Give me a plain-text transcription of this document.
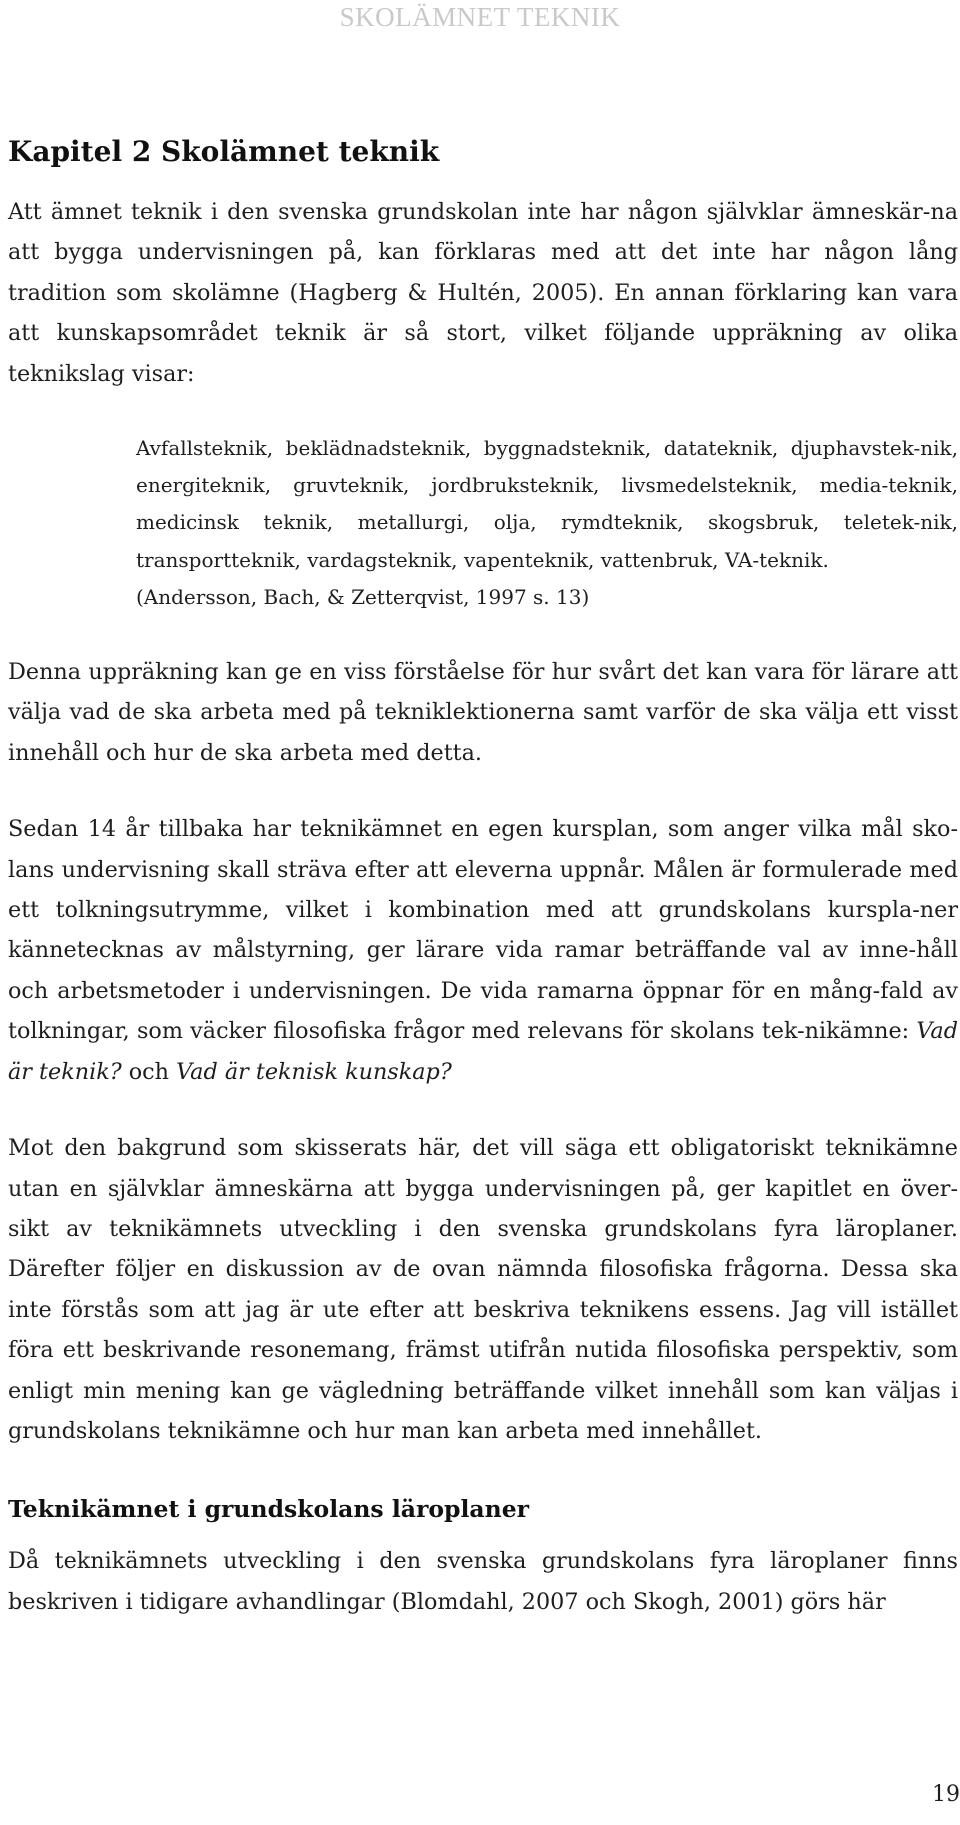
SKOLÄMNET TEKNIK
Kapitel 2 Skolämnet teknik

Att ämnet teknik i den svenska grundskolan inte har någon självklar ämneskär-na att bygga undervisningen på, kan förklaras med att det inte har någon lång tradition som skolämne (Hagberg & Hultén, 2005). En annan förklaring kan vara att kunskapsområdet teknik är så stort, vilket följande uppräkning av olika teknikslag visar:

Avfallsteknik, beklädnadsteknik, byggnadsteknik, datateknik, djuphavstek-nik, energiteknik, gruvteknik, jordbruksteknik, livsmedelsteknik, media-teknik, medicinsk teknik, metallurgi, olja, rymdteknik, skogsbruk, teletek-nik, transportteknik, vardagsteknik, vapenteknik, vattenbruk, VA-teknik.
(Andersson, Bach, & Zetterqvist, 1997 s. 13)

Denna uppräkning kan ge en viss förståelse för hur svårt det kan vara för lärare att välja vad de ska arbeta med på tekniklektionerna samt varför de ska välja ett visst innehåll och hur de ska arbeta med detta.

Sedan 14 år tillbaka har teknikämnet en egen kursplan, som anger vilka mål sko-lans undervisning skall sträva efter att eleverna uppnår. Målen är formulerade med ett tolkningsutrymme, vilket i kombination med att grundskolans kurspla-ner kännetecknas av målstyrning, ger lärare vida ramar beträffande val av inne-håll och arbetsmetoder i undervisningen. De vida ramarna öppnar för en mång-fald av tolkningar, som väcker filosofiska frågor med relevans för skolans tek-nikämne: Vad är teknik? och Vad är teknisk kunskap?

Mot den bakgrund som skisserats här, det vill säga ett obligatoriskt teknikämne utan en självklar ämneskärna att bygga undervisningen på, ger kapitlet en över-sikt av teknikämnets utveckling i den svenska grundskolans fyra läroplaner. Därefter följer en diskussion av de ovan nämnda filosofiska frågorna. Dessa ska inte förstås som att jag är ute efter att beskriva teknikens essens. Jag vill istället föra ett beskrivande resonemang, främst utifrån nutida filosofiska perspektiv, som enligt min mening kan ge vägledning beträffande vilket innehåll som kan väljas i grundskolans teknikämne och hur man kan arbeta med innehållet.

Teknikämnet i grundskolans läroplaner

Då teknikämnets utveckling i den svenska grundskolans fyra läroplaner finns beskriven i tidigare avhandlingar (Blomdahl, 2007 och Skogh, 2001) görs här

19
